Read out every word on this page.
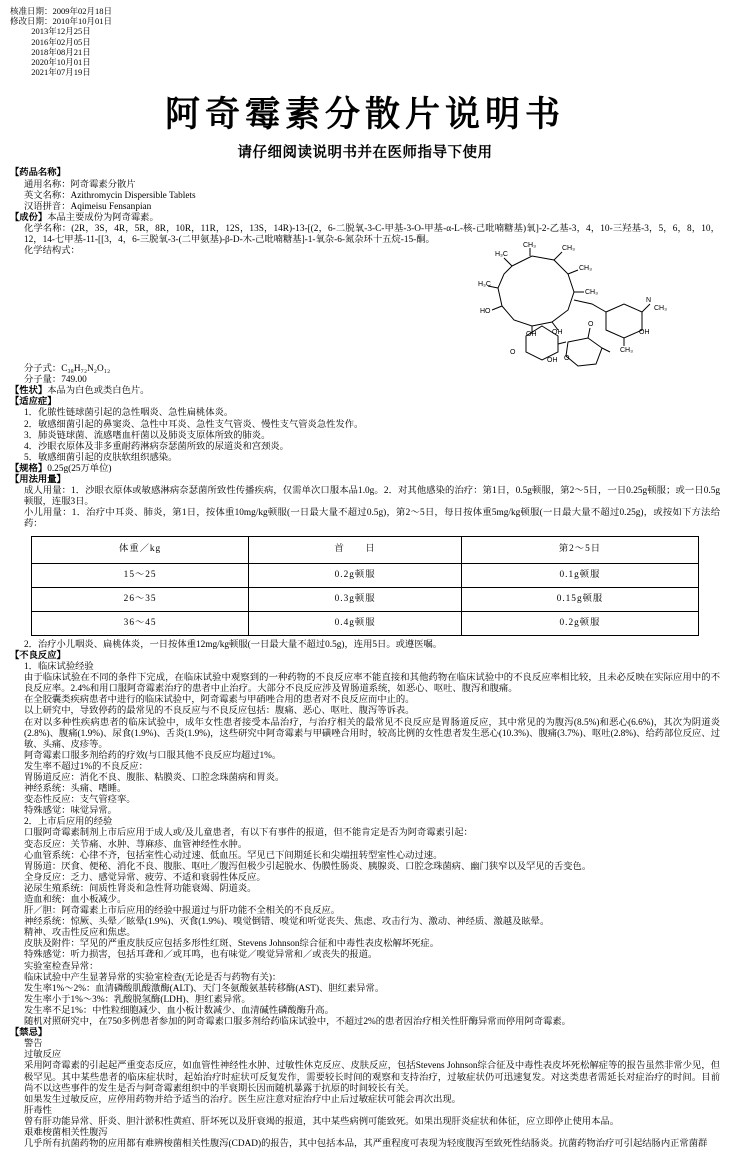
核准日期：2009年02月18日
修改日期：2010年10月01日
2013年12月25日
2016年02月05日
2018年08月21日
2020年10月01日
2021年07月19日
阿奇霉素分散片说明书
请仔细阅读说明书并在医师指导下使用
【药品名称】
通用名称：阿奇霉素分散片
英文名称：Azithromycin Dispersible Tablets
汉语拼音：Aqimeisu Fensanpian
【成份】本品主要成份为阿奇霉素。
化学名称：(2R，3S，4R，5R，8R，10R，11R，12S，13S，14R)-13-[(2，6-二脱氧-3-C-甲基-3-O-甲基-α-L-核-己吡喃糖基)氧]-2-乙基-3，4，10-三羟基-3，5，6，8，10，12，14-七甲基-11-[[3，4，6-三脱氧-3-(二甲氨基)-β-D-木-己吡喃糖基]-1-氧杂-6-氮杂环十五烷-15-酮。
化学结构式：
CH₃
H₃C
CH₃
CH₃
CH₃
H₃C
HO
OH OH
O
N
CH₃
CH₃
O
O
OH
OH
分子式：C₃₈H₇₂N₂O₁₂
分子量：749.00
【性状】本品为白色或类白色片。
【适应症】
1．化脓性链球菌引起的急性咽炎、急性扁桃体炎。
2．敏感细菌引起的鼻窦炎、急性中耳炎、急性支气管炎、慢性支气管炎急性发作。
3．肺炎链球菌、流感嗜血杆菌以及肺炎支原体所致的肺炎。
4．沙眼衣原体及非多重耐药淋病奈瑟菌所致的尿道炎和宫颈炎。
5．敏感细菌引起的皮肤软组织感染。
【规格】0.25g(25万单位)
【用法用量】
成人用量：1．沙眼衣原体或敏感淋病奈瑟菌所致性传播疾病，仅需单次口服本品1.0g。2．对其他感染的治疗：第1日，0.5g顿服，第2～5日，一日0.25g顿服；或一日0.5g顿服，连服3日。
小儿用量：1．治疗中耳炎、肺炎，第1日，按体重10mg/kg顿服(一日最大量不超过0.5g)，第2～5日，每日按体重5mg/kg顿服(一日最大量不超过0.25g)，或按如下方法给药：
体重／kg	首　　日	第2～5日
15～25	0.2g顿服	0.1g顿服
26～35	0.3g顿服	0.15g顿服
36～45	0.4g顿服	0.2g顿服
2．治疗小儿咽炎、扁桃体炎，一日按体重12mg/kg顿服(一日最大量不超过0.5g)，连用5日。或遵医嘱。
【不良反应】
1．临床试验经验
由于临床试验在不同的条件下完成，在临床试验中观察到的一种药物的不良反应率不能直接和其他药物在临床试验中的不良反应率相比较，且未必反映在实际应用中的不良反应率。2.4%和用口服阿奇霉素治疗的患者中止治疗。大部分不良反应涉及胃肠道系统，如恶心、呕吐、腹泻和腹痛。
在全胶囊类疾病患者中进行的临床试验中，阿奇霉素与甲硝唑合用的患者对不良反应而中止的。
以上研究中，导致停药的最常见的不良反应与不良反应包括：腹痛、恶心、呕吐、腹泻等诉表。
在对以多种性疾病患者的临床试验中，成年女性患者接受本品治疗，与治疗相关的最常见不良反应是胃肠道反应，其中常见的为腹泻(8.5%)和恶心(6.6%)，其次为阴道炎(2.8%)、腹痛(1.9%)、尿食(1.9%)、舌炎(1.9%)，这些研究中阿奇霉素与甲磺唑合用时，较高比例的女性患者发生恶心(10.3%)、腹痛(3.7%)、呕吐(2.8%)、给药部位反应、过敏、头痛、皮疹等。
阿奇霉素口服多剂给药的疗效(与口服其他不良反应均超过1%。
发生率不超过1%的不良反应：
胃肠道反应：消化不良、腹胀、粘膜炎、口腔念珠菌病和胃炎。
神经系统：头痛、嗜睡。
变态性反应：支气管痉挛。
特殊感觉：味觉异常。
2．上市后应用的经验
口服阿奇霉素制剂上市后应用于成人或/及儿童患者，有以下有事件的报道，但不能肯定是否为阿奇霉素引起：
变态反应：关节痛、水肿、荨麻疹、血管神经性水肿。
心血管系统：心律不齐，包括室性心动过速、低血压。罕见已下间期延长和尖端扭转型室性心动过速。
胃肠道：厌食、便秘、消化不良、腹胀、呕吐／腹泻但极少引起脱水、伪膜性肠炎、胰腺炎、口腔念珠菌病、幽门狭窄以及罕见的舌变色。
全身反应：乏力、感觉异常、疲劳、不适和衰弱性体反应。
泌尿生殖系统：间质性肾炎和急性肾功能衰竭、阴道炎。
造血和统：血小板减少。
肝／胆：阿奇霉素上市后应用的经验中报道过与肝功能不全相关的不良反应。
神经系统：惊厥、头晕／眩晕(1.9%)、灭食(1.9%)、嗅觉倒错、嗅觉和听觉丧失、焦虑、攻击行为、激动、神经质、激越及眩晕。
精神、攻击性反应和焦虑。
皮肤及附件：罕见的严重皮肤反应包括多形性红斑、Stevens Johnson综合征和中毒性表皮松解坏死症。
特殊感觉：听力损害，包括耳聋和／或耳鸣，也有味觉／嗅觉异常和／或丧失的报道。
实验室检查异常：
临床试验中产生显著异常的实验室检查(无论是否与药物有关)：
发生率1%～2%：血清磷酸肌酸激酶(ALT)、天门冬氨酸氨基转移酶(AST)、胆红素异常。
发生率小于1%～3%：乳酸脱氢酶(LDH)、胆红素异常。
发生率不足1%：中性粒细胞减少、血小板计数减少、血清碱性磷酸酶升高。
随机对照研究中，在750多例患者参加的阿奇霉素口服多剂给药临床试验中，不超过2%的患者因治疗相关性肝酶异常而停用阿奇霉素。
【禁忌】
警告
过敏反应
采用阿奇霉素的引起起严重变态反应，如血管性神经性水肿、过敏性休克反应、皮肤反应，包括Stevens Johnson综合征及中毒性表皮坏死松解症等的报告虽然非常少见，但极罕见。其中某些患者的临床症状时，起始治疗时症状可反复发作，需要较长时间的观察和支持治疗，过敏症状仍可迅速复发。对这类患者需延长对症治疗的时间。目前尚不以这些事件的发生是否与阿奇霉素组织中的半衰期长因而随机暴露于抗原的时间较长有关。
如果发生过敏反应，应停用药物并给予适当的治疗。医生应注意对症治疗中止后过敏症状可能会再次出现。
肝毒性
曾有肝功能异常、肝炎、胆汁淤积性黄疸、肝坏死以及肝衰竭的报道，其中某些病例可能致死。如果出现肝炎症状和体征，应立即停止使用本品。
艰难梭菌相关性腹泻
几乎所有抗菌药物的应用都有难辨梭菌相关性腹泻(CDAD)的报告，其中包括本品，其严重程度可表现为轻度腹泻至致死性结肠炎。抗菌药物治疗可引起结肠内正常菌群
